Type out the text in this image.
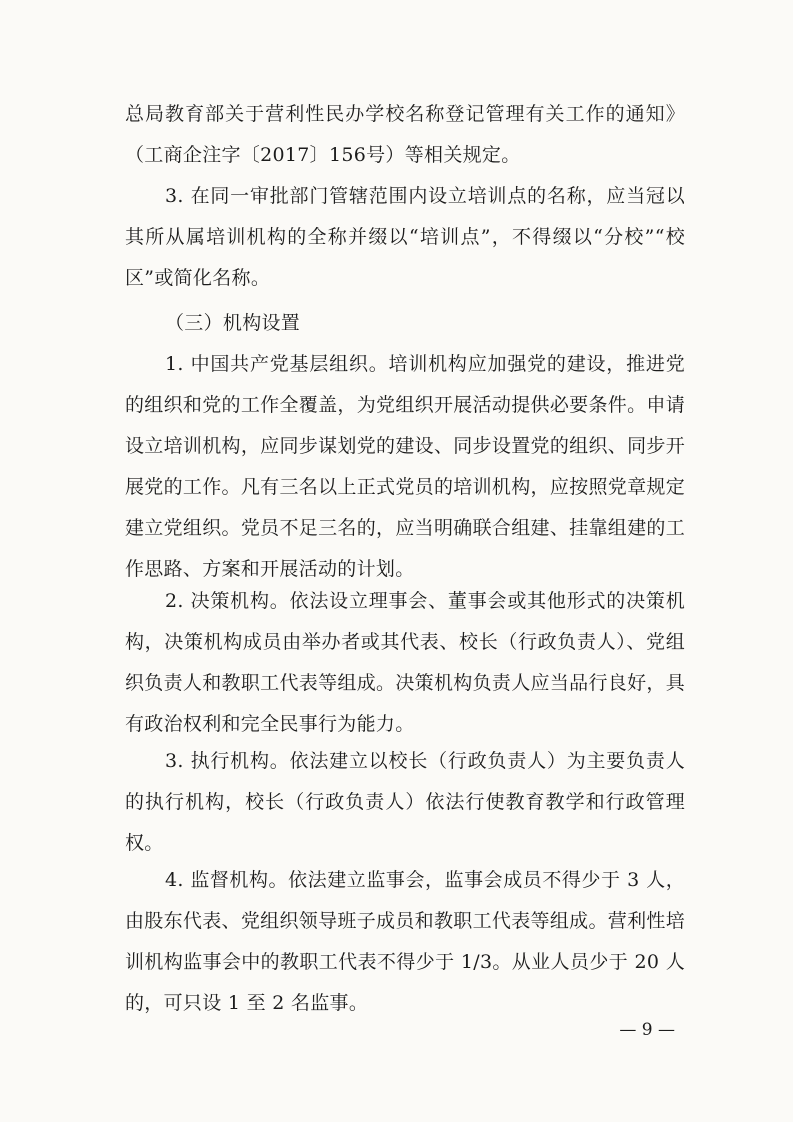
总局教育部关于营利性民办学校名称登记管理有关工作的通知》（工商企注字〔2017〕156号）等相关规定。

3. 在同一审批部门管辖范围内设立培训点的名称，应当冠以其所从属培训机构的全称并缀以“培训点”，不得缀以“分校”“校区”或简化名称。

（三）机构设置

1. 中国共产党基层组织。培训机构应加强党的建设，推进党的组织和党的工作全覆盖，为党组织开展活动提供必要条件。申请设立培训机构，应同步谋划党的建设、同步设置党的组织、同步开展党的工作。凡有三名以上正式党员的培训机构，应按照党章规定建立党组织。党员不足三名的，应当明确联合组建、挂靠组建的工作思路、方案和开展活动的计划。

2. 决策机构。依法设立理事会、董事会或其他形式的决策机构，决策机构成员由举办者或其代表、校长（行政负责人）、党组织负责人和教职工代表等组成。决策机构负责人应当品行良好，具有政治权利和完全民事行为能力。

3. 执行机构。依法建立以校长（行政负责人）为主要负责人的执行机构，校长（行政负责人）依法行使教育教学和行政管理权。

4. 监督机构。依法建立监事会，监事会成员不得少于 3 人，由股东代表、党组织领导班子成员和教职工代表等组成。营利性培训机构监事会中的教职工代表不得少于 1/3。从业人员少于 20 人的，可只设 1 至 2 名监事。

— 9 —
